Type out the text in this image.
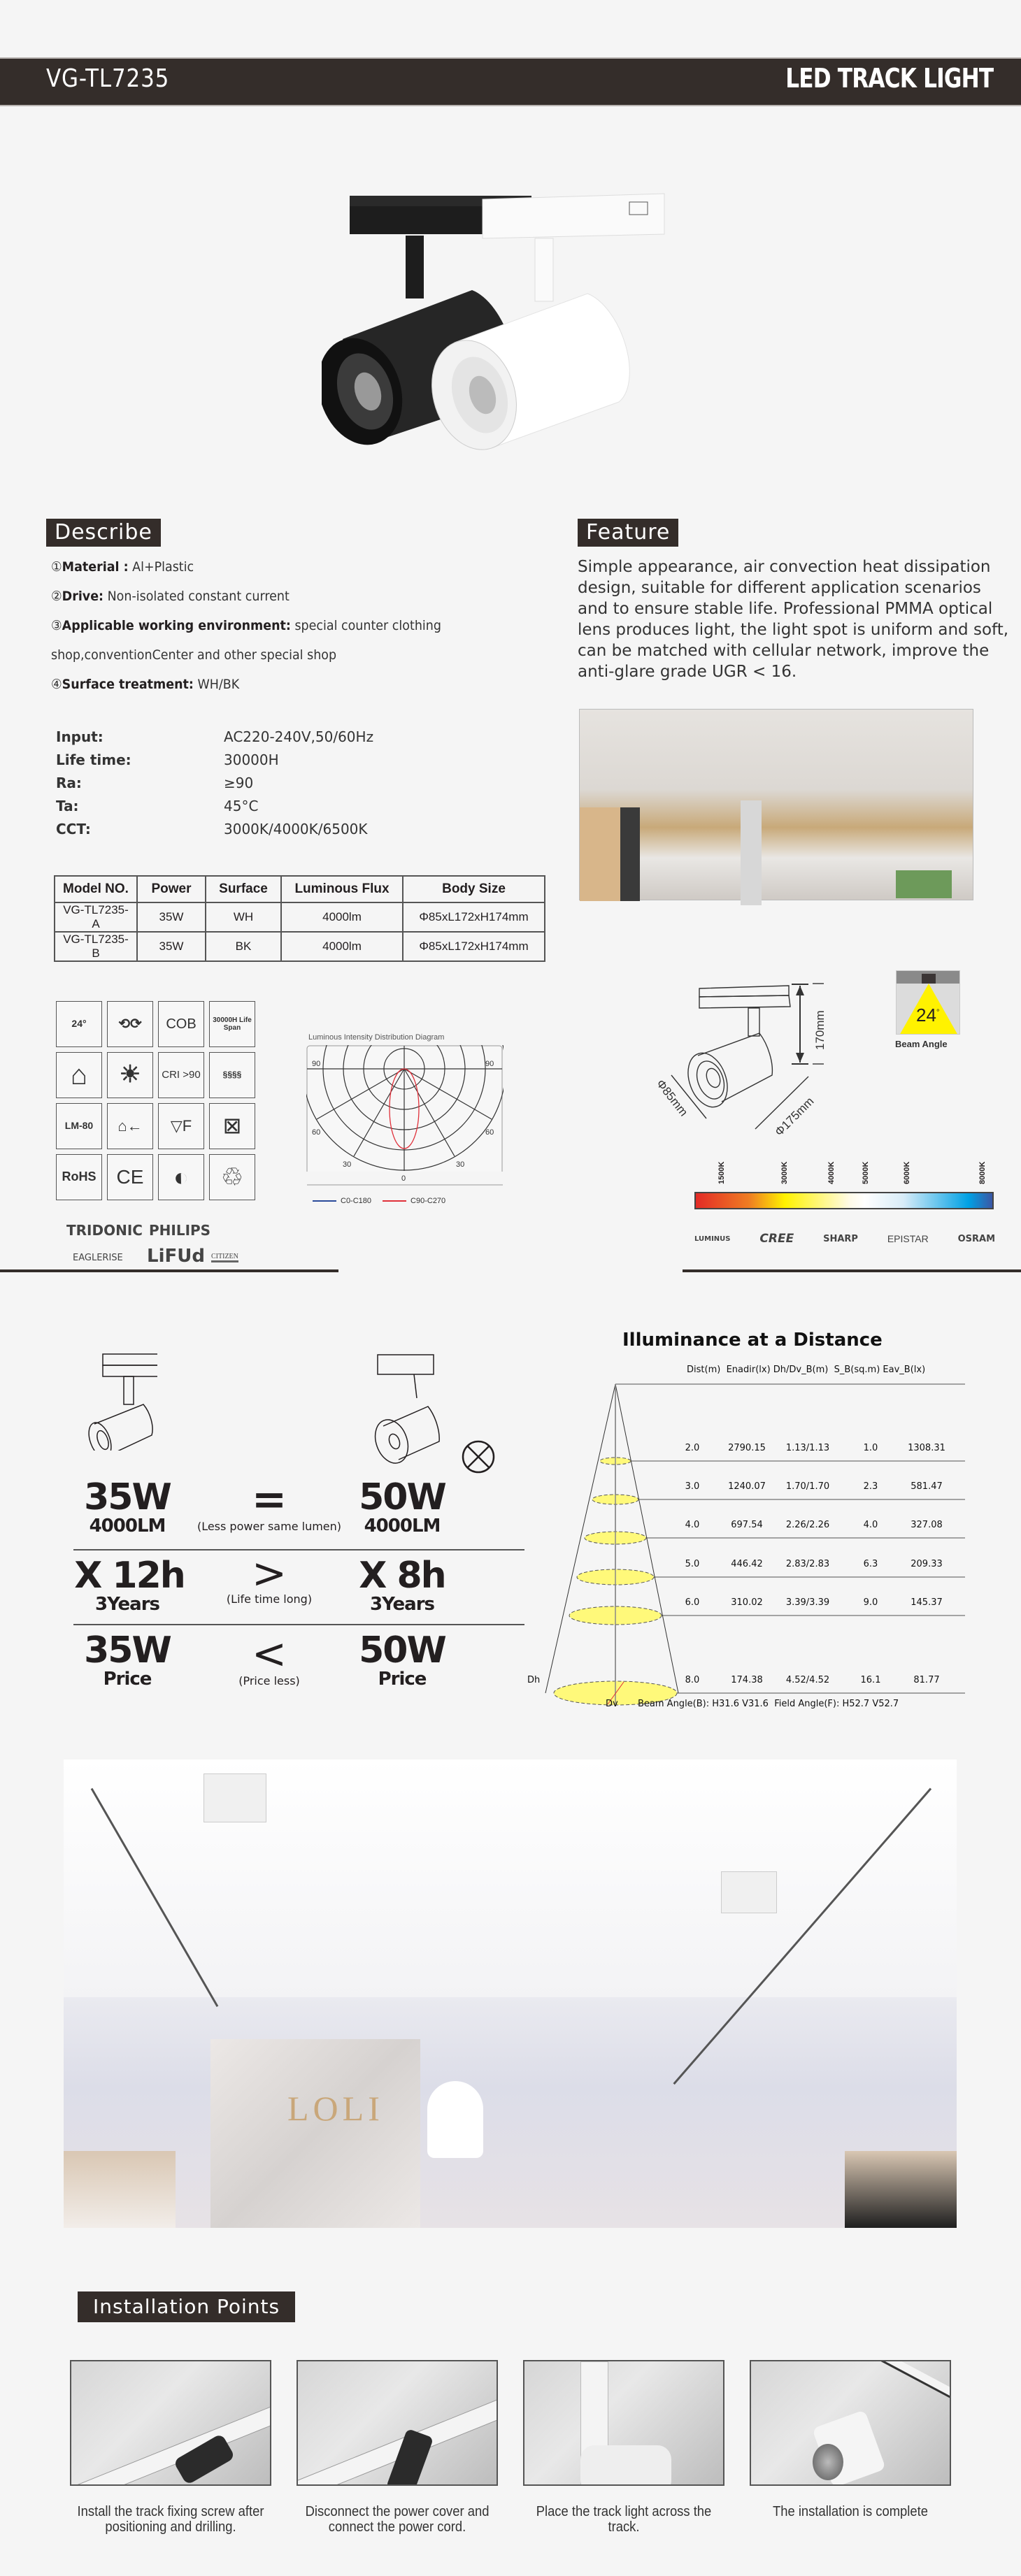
VG-TL7235	LED TRACK LIGHT
Describe
①Material : Al+Plastic
②Drive: Non-isolated constant current
③Applicable working environment: special counter clothing
shop,conventionCenter and other special shop
④Surface treatment: WH/BK
Input:	AC220-240V,50/60Hz
Life time:	30000H
Ra:	≥90
Ta:	45°C
CCT:	3000K/4000K/6500K
Model NO.	Power	Surface	Luminous Flux	Body Size
VG-TL7235-A	35W	WH	4000lm	Φ85xL172xH174mm
VG-TL7235-B	35W	BK	4000lm	Φ85xL172xH174mm
Feature
Simple appearance, air convection heat dissipation design, suitable for different application scenarios and to ensure stable life. Professional PMMA optical lens produces light, the light spot is uniform and soft, can be matched with cellular network, improve the anti-glare grade UGR < 16.
24°	⟲⟳	COB	30000H Life Span
⌂	☀	CRI >90	§§§§
LM-80	⌂←	▽F	⊠
RoHS	CE	◐	♲
TRIDONIC PHILIPS
EAGLERISE LiFUd CITIZEN
Luminous Intensity Distribution Diagram
90	90
60	60
30	30
0
C0-C180	C90-C270
Φ85mm	Φ175mm
170mm	24°
Beam Angle
1500K	3000K	4000K	5000K	6000K	8000K
LUMINUS CREE	SHARP	EPISTAR	OSRAM
35W
4000LM
=
(Less power same lumen)
50W
4000LM
X 12h
3Years
>
(Life time long)
X 8h
3Years
35W
Price
<
(Price less)
50W
Price
Illuminance at a Distance
Dist(m) Enadir(lx) Dh/Dv_B(m) S_B(sq.m) Eav_B(lx)
2.0	2790.15	1.13/1.13	1.0	1308.31
3.0	1240.07	1.70/1.70	2.3	581.47
4.0	697.54	2.26/2.26	4.0	327.08
5.0	446.42	2.83/2.83	6.3	209.33
6.0	310.02	3.39/3.39	9.0	145.37
8.0	174.38	4.52/4.52	16.1	81.77
Dh
Dv Beam Angle(B): H31.6 V31.6  Field Angle(F): H52.7 V52.7
LOLI
Installation Points
Install the track fixing screw after positioning and drilling.
Disconnect the power cover and connect the power cord.
Place the track light across the track.
The installation is complete
